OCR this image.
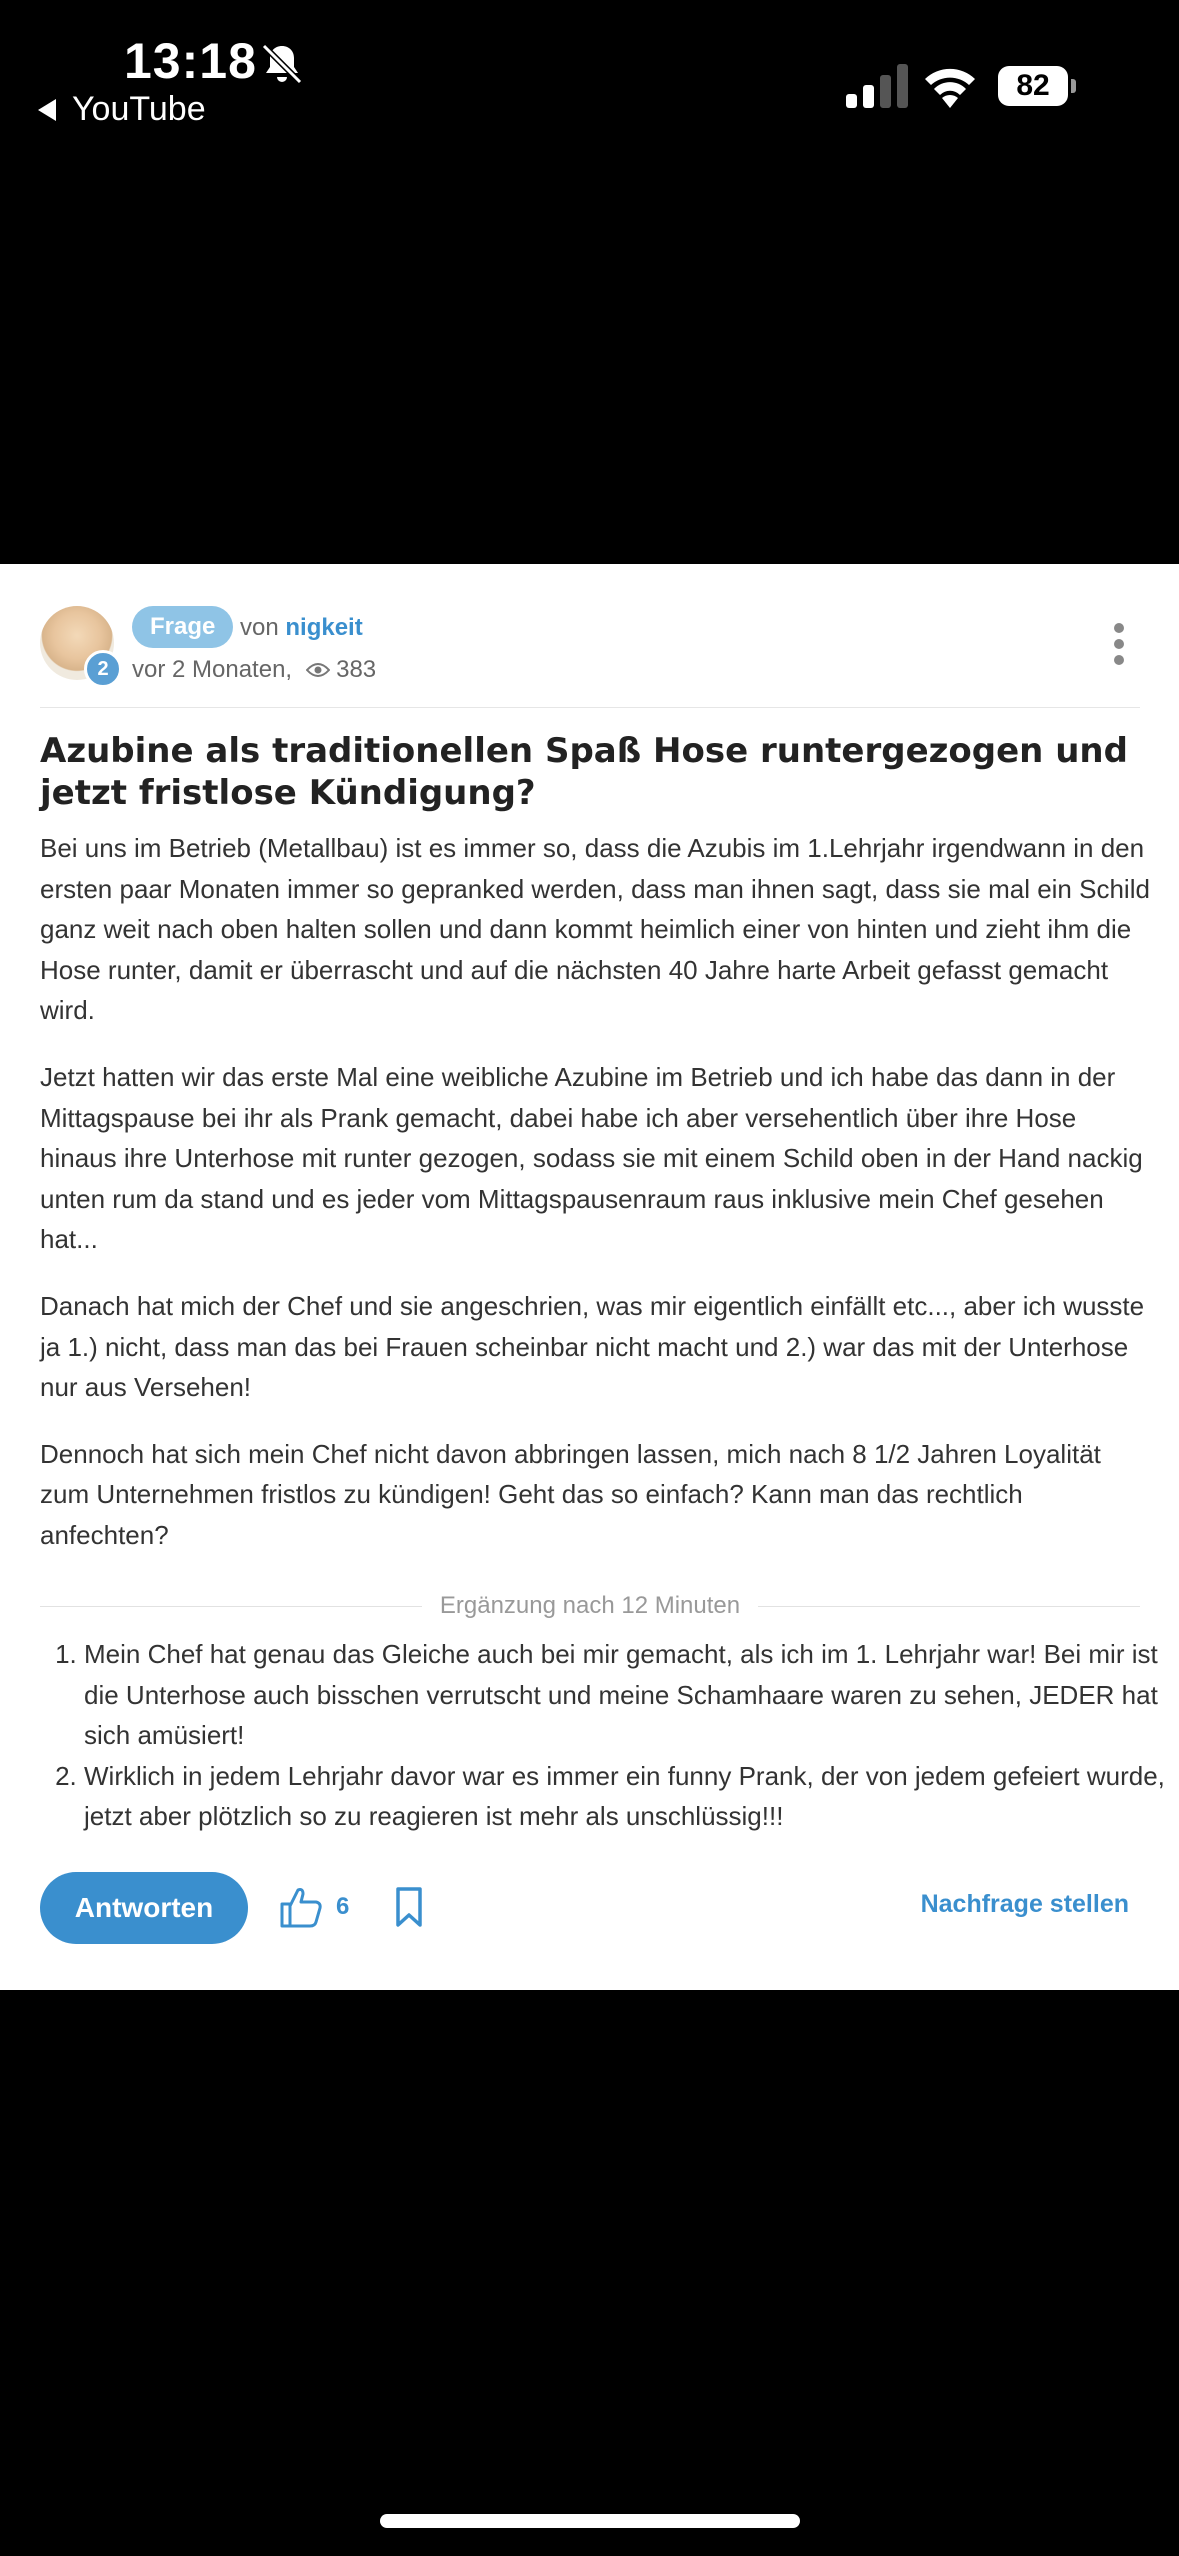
13:18
YouTube
82
2
Frage	von nigkeit
vor 2 Monaten, 383
Azubine als traditionellen Spaß Hose runtergezogen und jetzt fristlose Kündigung?

Bei uns im Betrieb (Metallbau) ist es immer so, dass die Azubis im 1.Lehrjahr irgendwann in den ersten paar Monaten immer so gepranked werden, dass man ihnen sagt, dass sie mal ein Schild ganz weit nach oben halten sollen und dann kommt heimlich einer von hinten und zieht ihm die Hose runter, damit er überrascht und auf die nächsten 40 Jahre harte Arbeit gefasst gemacht wird.

Jetzt hatten wir das erste Mal eine weibliche Azubine im Betrieb und ich habe das dann in der Mittagspause bei ihr als Prank gemacht, dabei habe ich aber versehentlich über ihre Hose hinaus ihre Unterhose mit runter gezogen, sodass sie mit einem Schild oben in der Hand nackig unten rum da stand und es jeder vom Mittagspausenraum raus inklusive mein Chef gesehen hat...

Danach hat mich der Chef und sie angeschrien, was mir eigentlich einfällt etc..., aber ich wusste ja 1.) nicht, dass man das bei Frauen scheinbar nicht macht und 2.) war das mit der Unterhose nur aus Versehen!

Dennoch hat sich mein Chef nicht davon abbringen lassen, mich nach 8 1/2 Jahren Loyalität zum Unternehmen fristlos zu kündigen! Geht das so einfach? Kann man das rechtlich anfechten?

Ergänzung nach 12 Minuten
1. Mein Chef hat genau das Gleiche auch bei mir gemacht, als ich im 1. Lehrjahr war! Bei mir ist die Unterhose auch bisschen verrutscht und meine Schamhaare waren zu sehen, JEDER hat sich amüsiert!
2. Wirklich in jedem Lehrjahr davor war es immer ein funny Prank, der von jedem gefeiert wurde, jetzt aber plötzlich so zu reagieren ist mehr als unschlüssig!!!
Antworten	6	Nachfrage stellen
